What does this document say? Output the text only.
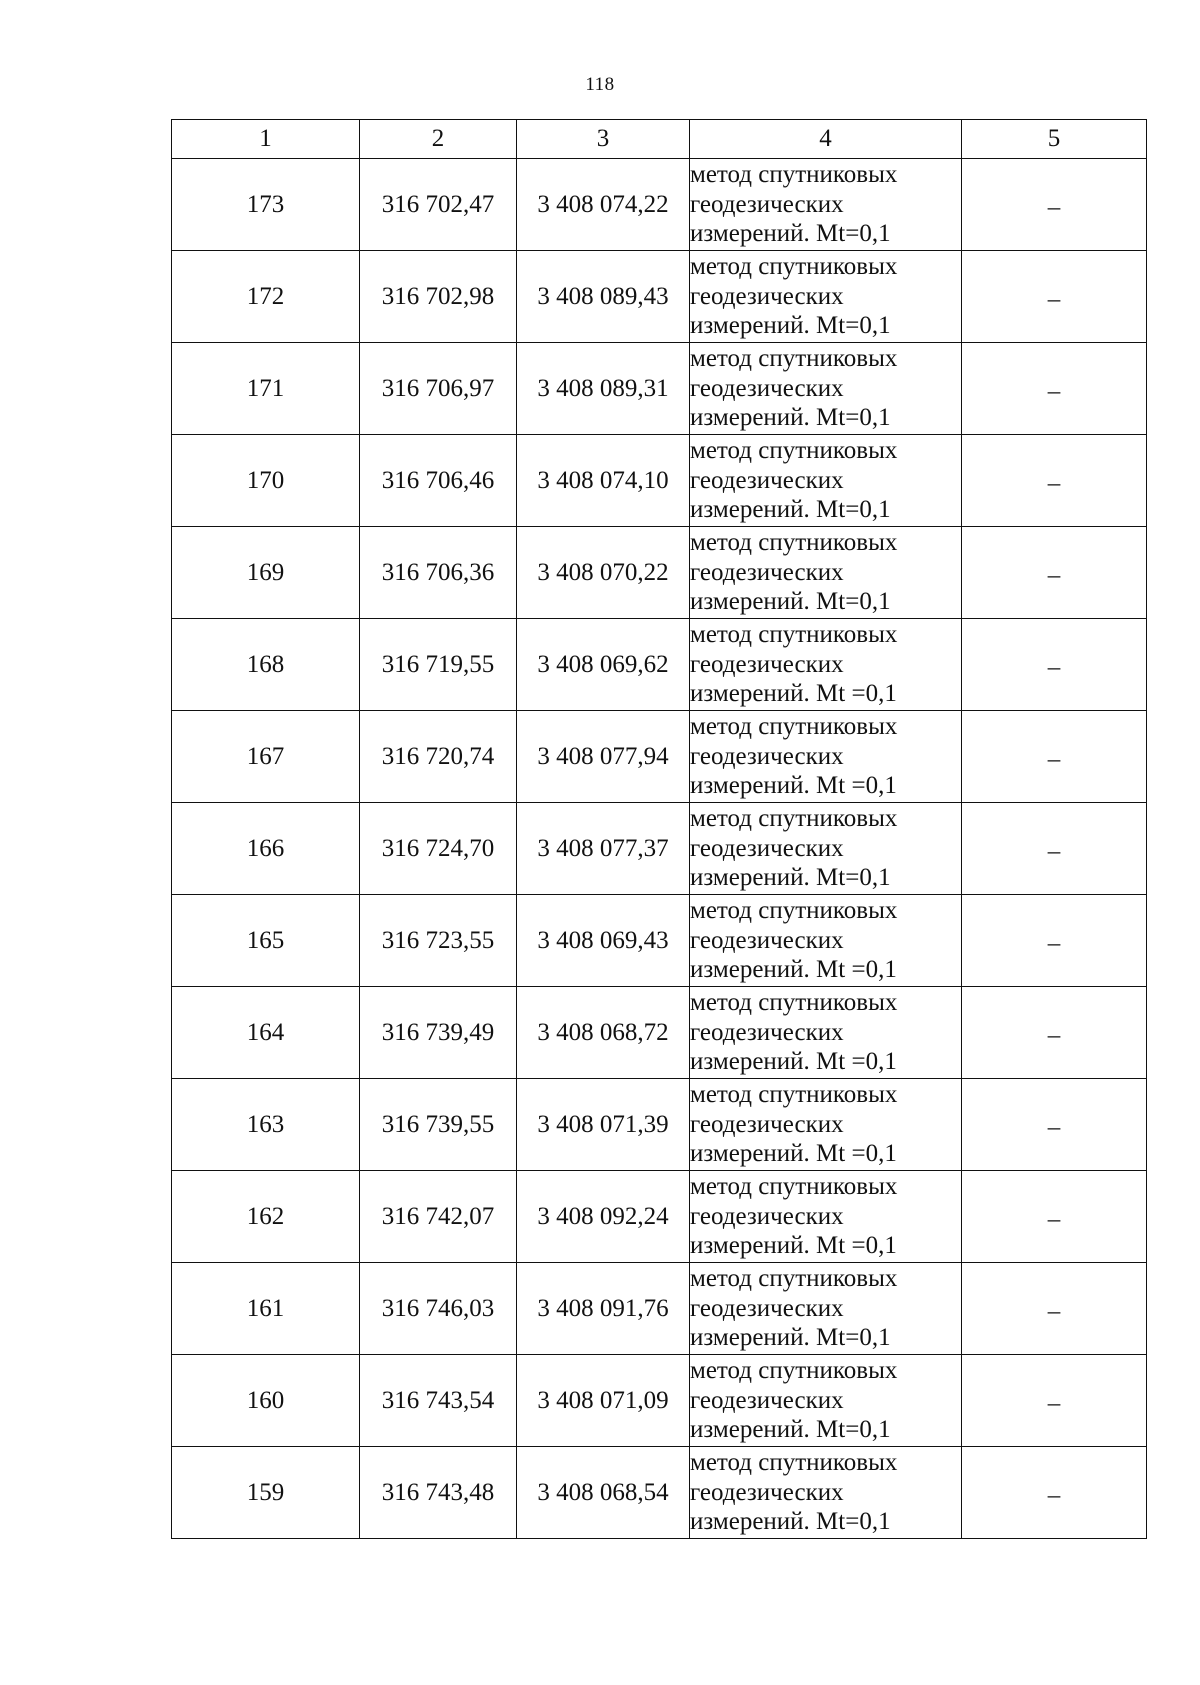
118
1	2	3	4	5
173	316 702,47	3 408 074,22	метод спутниковых
геодезических
измерений. Mt=0,1	–

172	316 702,98	3 408 089,43	метод спутниковых
геодезических
измерений. Mt=0,1	–

171	316 706,97	3 408 089,31	метод спутниковых
геодезических
измерений. Mt=0,1	–

170	316 706,46	3 408 074,10	метод спутниковых
геодезических
измерений. Mt=0,1	–

169	316 706,36	3 408 070,22	метод спутниковых
геодезических
измерений. Mt=0,1	–

168	316 719,55	3 408 069,62	метод спутниковых
геодезических
измерений. Mt =0,1	–

167	316 720,74	3 408 077,94	метод спутниковых
геодезических
измерений. Mt =0,1	–

166	316 724,70	3 408 077,37	метод спутниковых
геодезических
измерений. Mt=0,1	–

165	316 723,55	3 408 069,43	метод спутниковых
геодезических
измерений. Mt =0,1	–

164	316 739,49	3 408 068,72	метод спутниковых
геодезических
измерений. Mt =0,1	–

163	316 739,55	3 408 071,39	метод спутниковых
геодезических
измерений. Mt =0,1	–

162	316 742,07	3 408 092,24	метод спутниковых
геодезических
измерений. Mt =0,1	–

161	316 746,03	3 408 091,76	метод спутниковых
геодезических
измерений. Mt=0,1	–

160	316 743,54	3 408 071,09	метод спутниковых
геодезических
измерений. Mt=0,1	–

159	316 743,48	3 408 068,54	метод спутниковых
геодезических
измерений. Mt=0,1	–
